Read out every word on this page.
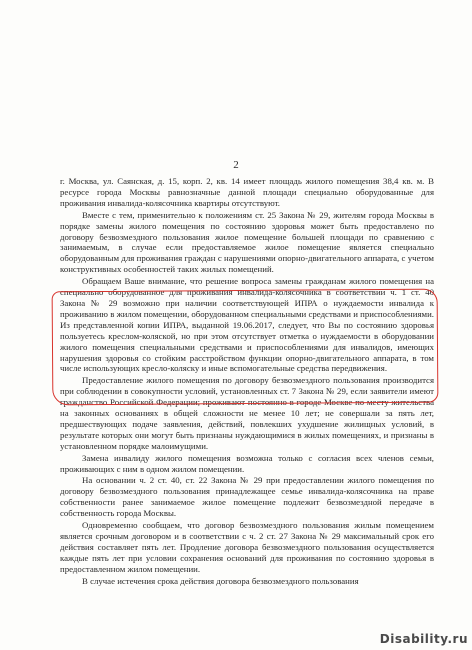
2

г. Москва, ул. Саянская, д. 15, корп. 2, кв. 14 имеет площадь жилого помещения 38,4 кв. м. В ресурсе города Москвы равнозначные данной площади специально оборудованные для проживания инвалида-колясочника квартиры отсутствуют.

Вместе с тем, применительно к положениям ст. 25 Закона № 29, жителям города Москвы в порядке замены жилого помещения по состоянию здоровья может быть предоставлено по договору безвозмездного пользования жилое помещение большей площади по сравнению с занимаемым, в случае если предоставляемое жилое помещение является специально оборудованным для проживания граждан с нарушениями опорно-двигательного аппарата, с учетом конструктивных особенностей таких жилых помещений.

Обращаем Ваше внимание, что решение вопроса замены гражданам жилого помещения на специально оборудованное для проживания инвалида-колясочника в соответствии ч. 1 ст. 40 Закона № 29 возможно при наличии соответствующей ИПРА о нуждаемости инвалида к проживанию в жилом помещении, оборудованном специальными средствами и приспособлениями. Из представленной копии ИПРА, выданной 19.06.2017, следует, что Вы по состоянию здоровья пользуетесь креслом-коляской, но при этом отсутствует отметка о нуждаемости в оборудовании жилого помещения специальными средствами и приспособлениями для инвалидов, имеющих нарушения здоровья со стойким расстройством функции опорно-двигательного аппарата, в том числе использующих кресло-коляску и иные вспомогательные средства передвижения.

Предоставление жилого помещения по договору безвозмездного пользования производится при соблюдении в совокупности условий, установленных ст. 7 Закона № 29, если заявители имеют гражданство Российской Федерации; проживают постоянно в городе Москве по месту жительства на законных основаниях в общей сложности не менее 10 лет; не совершали за пять лет, предшествующих подаче заявления, действий, повлекших ухудшение жилищных условий, в результате которых они могут быть признаны нуждающимися в жилых помещениях, и признаны в установленном порядке малоимущими.

Замена инвалиду жилого помещения возможна только с согласия всех членов семьи, проживающих с ним в одном жилом помещении.

На основании ч. 2 ст. 40, ст. 22 Закона № 29 при предоставлении жилого помещения по договору безвозмездного пользования принадлежащее семье инвалида-колясочника на праве собственности ранее занимаемое жилое помещение подлежит безвозмездной передаче в собственность города Москвы.

Одновременно сообщаем, что договор безвозмездного пользования жилым помещением является срочным договором и в соответствии с ч. 2 ст. 27 Закона № 29 максимальный срок его действия составляет пять лет. Продление договора безвозмездного пользования осуществляется каждые пять лет при условии сохранения оснований для проживания по состоянию здоровья в предоставленном жилом помещении.

В случае истечения срока действия договора безвозмездного пользования

Disability.ru
